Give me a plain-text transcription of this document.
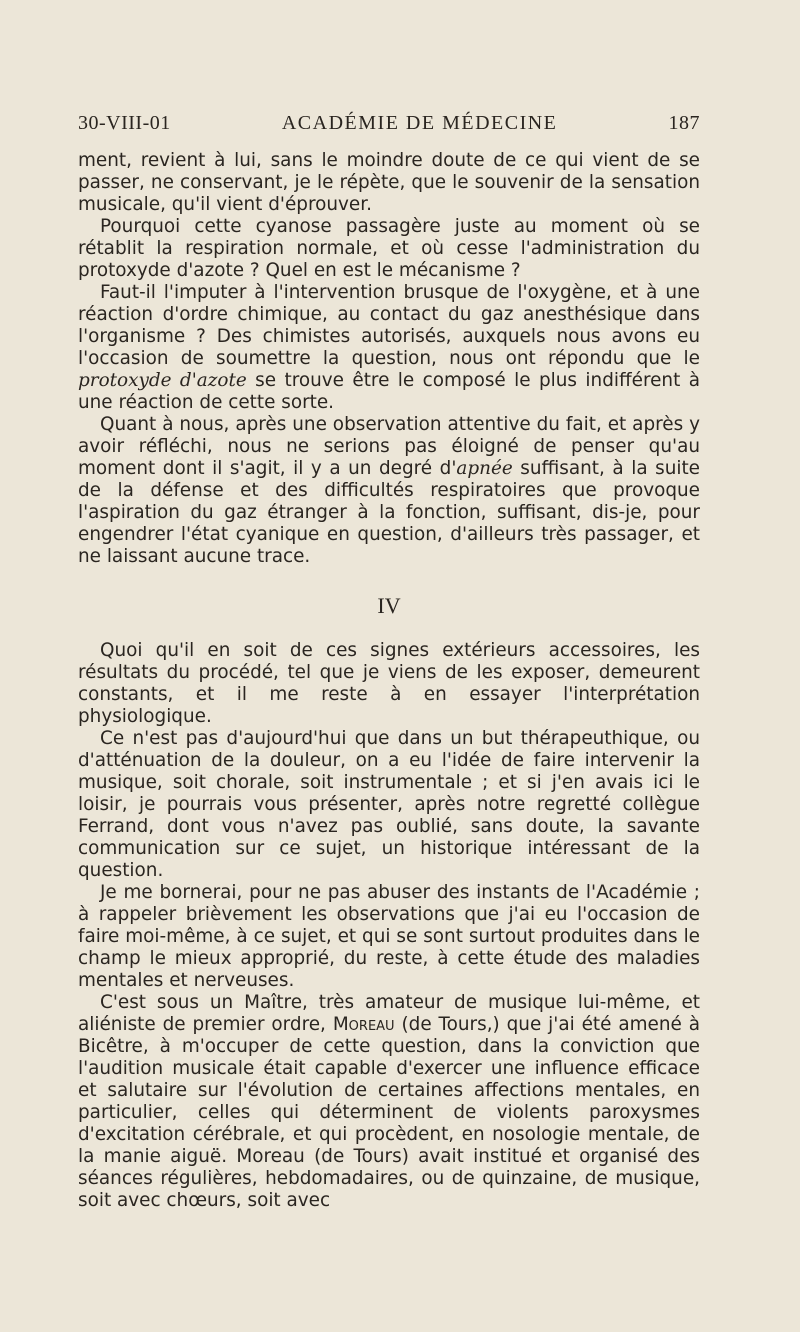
30-VIII-01	ACADÉMIE DE MÉDECINE	187

ment, revient à lui, sans le moindre doute de ce qui vient de se passer, ne conservant, je le répète, que le souvenir de la sensation musicale, qu'il vient d'éprouver.

Pourquoi cette cyanose passagère juste au moment où se rétablit la respiration normale, et où cesse l'administration du protoxyde d'azote ? Quel en est le mécanisme ?

Faut-il l'imputer à l'intervention brusque de l'oxygène, et à une réaction d'ordre chimique, au contact du gaz anesthésique dans l'organisme ? Des chimistes autorisés, auxquels nous avons eu l'occasion de soumettre la question, nous ont répondu que le protoxyde d'azote se trouve être le composé le plus indifférent à une réaction de cette sorte.

Quant à nous, après une observation attentive du fait, et après y avoir réfléchi, nous ne serions pas éloigné de penser qu'au moment dont il s'agit, il y a un degré d'apnée suffisant, à la suite de la défense et des difficultés respiratoires que provoque l'aspiration du gaz étranger à la fonction, suffisant, dis-je, pour engendrer l'état cyanique en question, d'ailleurs très passager, et ne laissant aucune trace.

IV

Quoi qu'il en soit de ces signes extérieurs accessoires, les résultats du procédé, tel que je viens de les exposer, demeurent constants, et il me reste à en essayer l'interprétation physiologique.

Ce n'est pas d'aujourd'hui que dans un but thérapeuthique, ou d'atténuation de la douleur, on a eu l'idée de faire intervenir la musique, soit chorale, soit instrumentale ; et si j'en avais ici le loisir, je pourrais vous présenter, après notre regretté collègue Ferrand, dont vous n'avez pas oublié, sans doute, la savante communication sur ce sujet, un historique intéressant de la question.

Je me bornerai, pour ne pas abuser des instants de l'Académie ; à rappeler brièvement les observations que j'ai eu l'occasion de faire moi-même, à ce sujet, et qui se sont surtout produites dans le champ le mieux approprié, du reste, à cette étude des maladies mentales et nerveuses.

C'est sous un Maître, très amateur de musique lui-même, et aliéniste de premier ordre, Moreau (de Tours,) que j'ai été amené à Bicêtre, à m'occuper de cette question, dans la conviction que l'audition musicale était capable d'exercer une influence efficace et salutaire sur l'évolution de certaines affections mentales, en particulier, celles qui déterminent de violents paroxysmes d'excitation cérébrale, et qui procèdent, en nosologie mentale, de la manie aiguë. Moreau (de Tours) avait institué et organisé des séances régulières, hebdomadaires, ou de quinzaine, de musique, soit avec chœurs, soit avec
